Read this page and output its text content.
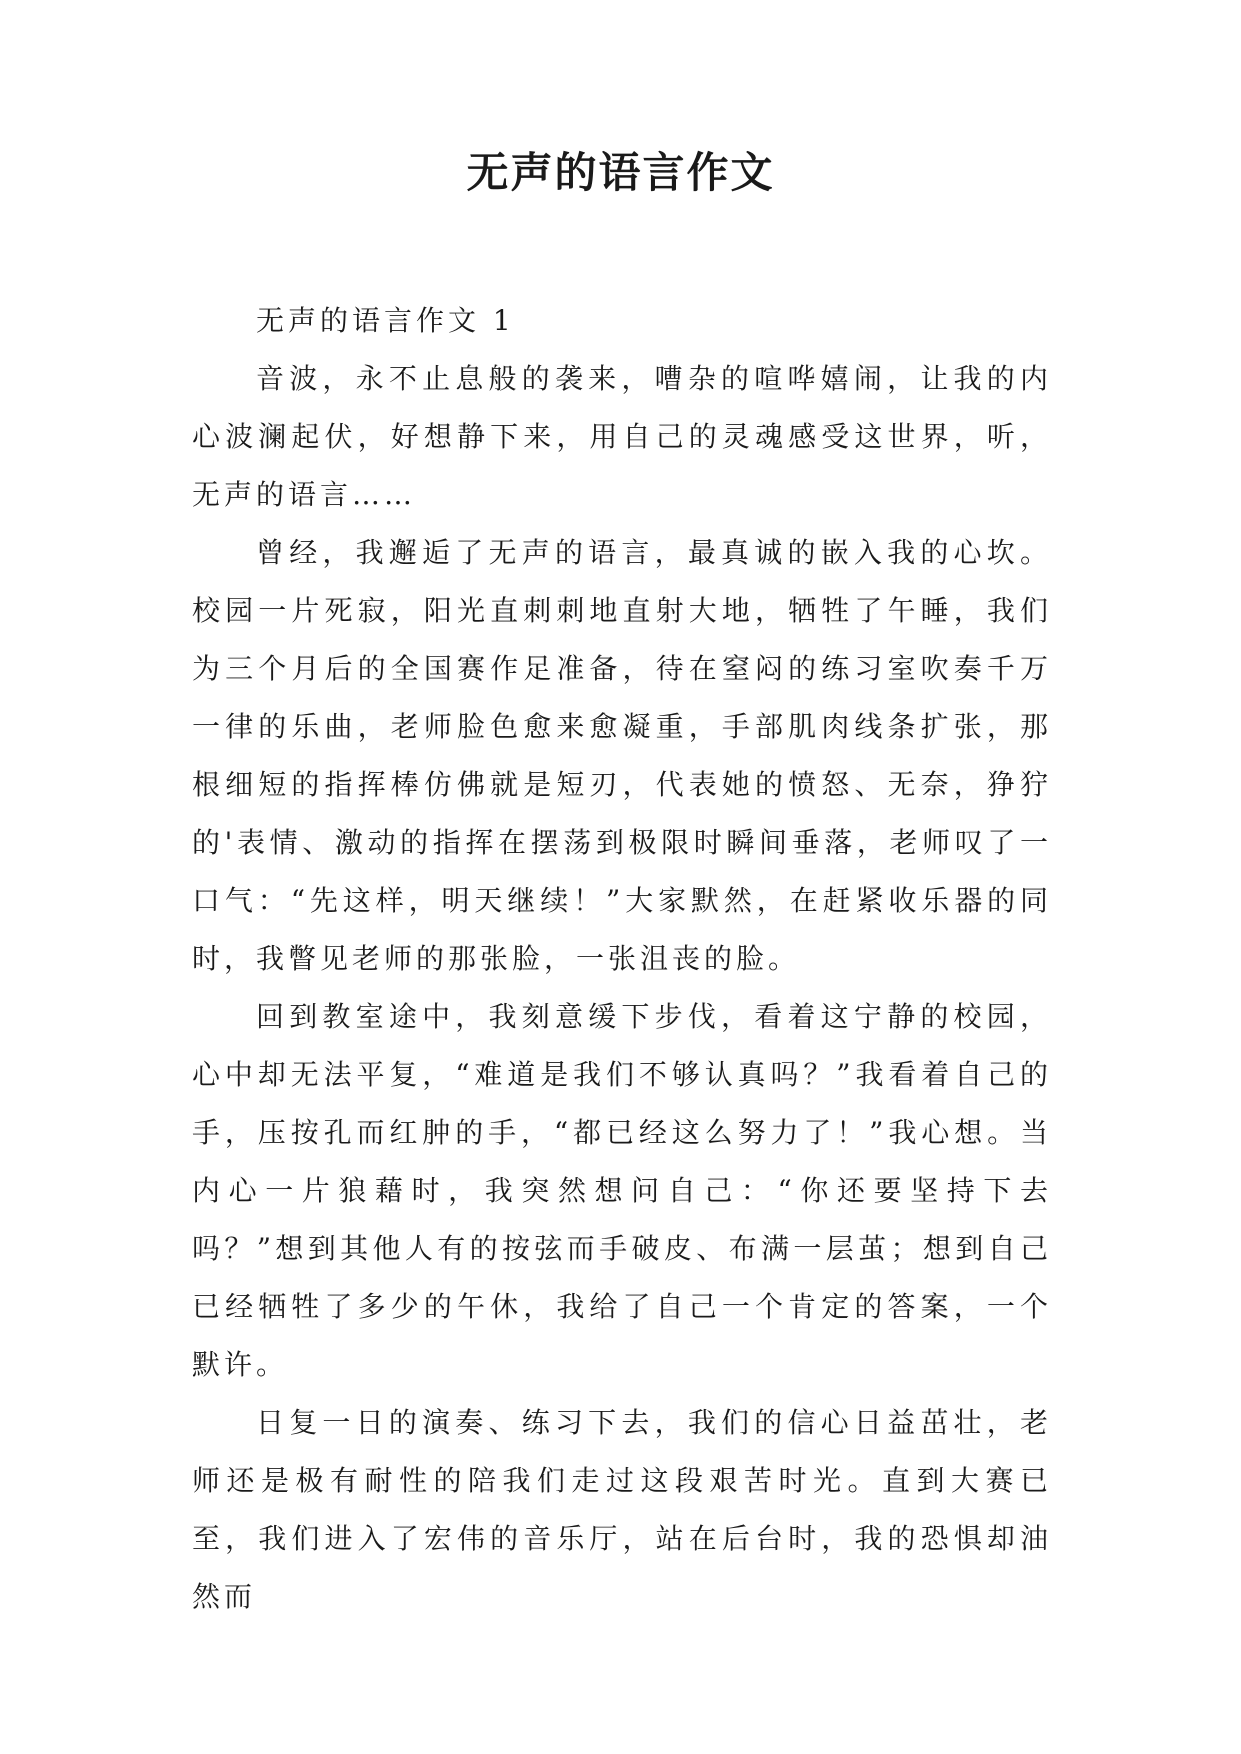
无声的语言作文

无声的语言作文 1

音波，永不止息般的袭来，嘈杂的喧哗嬉闹，让我的内心波澜起伏，好想静下来，用自己的灵魂感受这世界，听，无声的语言……

曾经，我邂逅了无声的语言，最真诚的嵌入我的心坎。校园一片死寂，阳光直刺刺地直射大地，牺牲了午睡，我们为三个月后的全国赛作足准备，待在窒闷的练习室吹奏千万一律的乐曲，老师脸色愈来愈凝重，手部肌肉线条扩张，那根细短的指挥棒仿佛就是短刃，代表她的愤怒、无奈，狰狞的'表情、激动的指挥在摆荡到极限时瞬间垂落，老师叹了一口气：“先这样，明天继续！”大家默然，在赶紧收乐器的同时，我瞥见老师的那张脸，一张沮丧的脸。

回到教室途中，我刻意缓下步伐，看着这宁静的校园，心中却无法平复，“难道是我们不够认真吗？”我看着自己的手，压按孔而红肿的手，“都已经这么努力了！”我心想。当内心一片狼藉时，我突然想问自己：“你还要坚持下去吗？”想到其他人有的按弦而手破皮、布满一层茧；想到自己已经牺牲了多少的午休，我给了自己一个肯定的答案，一个默许。

日复一日的演奏、练习下去，我们的信心日益茁壮，老师还是极有耐性的陪我们走过这段艰苦时光。直到大赛已至，我们进入了宏伟的音乐厅，站在后台时，我的恐惧却油然而
